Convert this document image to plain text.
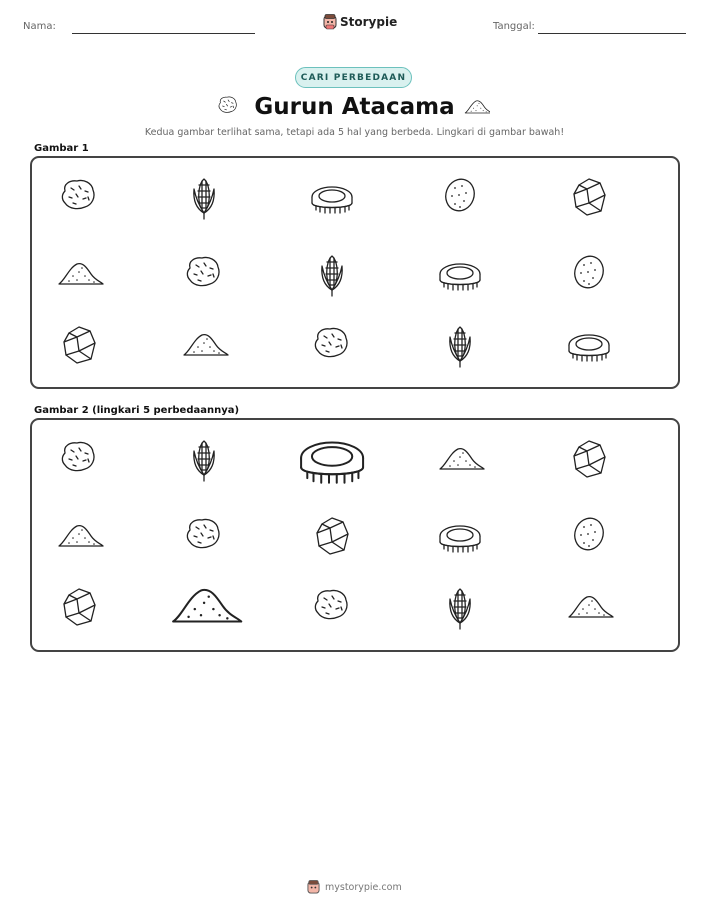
Nama:	Storypie	Tanggal:
CARI PERBEDAAN
Gurun Atacama
Kedua gambar terlihat sama, tetapi ada 5 hal yang berbeda. Lingkari di gambar bawah!
Gambar 1
Gambar 2 (lingkari 5 perbedaannya)
mystorypie.com
